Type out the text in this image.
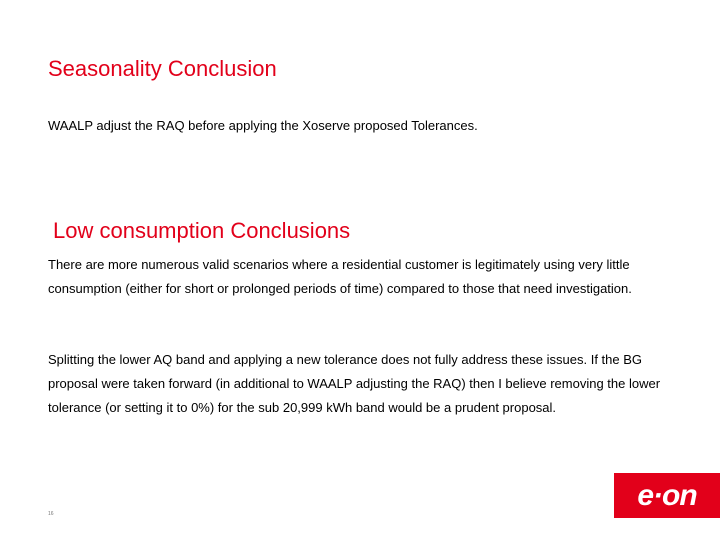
Seasonality Conclusion
WAALP adjust the RAQ before applying the Xoserve proposed Tolerances.
Low consumption Conclusions

There are more numerous valid scenarios where a residential customer is legitimately using very little consumption (either for short or prolonged periods of time) compared to those that need investigation.

Splitting the lower AQ band and applying a new tolerance does not fully address these issues. If the BG proposal were taken forward (in additional to WAALP adjusting the RAQ) then I believe removing the lower tolerance (or setting it to 0%) for the sub 20,999 kWh band would be a prudent proposal.

16
e·on
